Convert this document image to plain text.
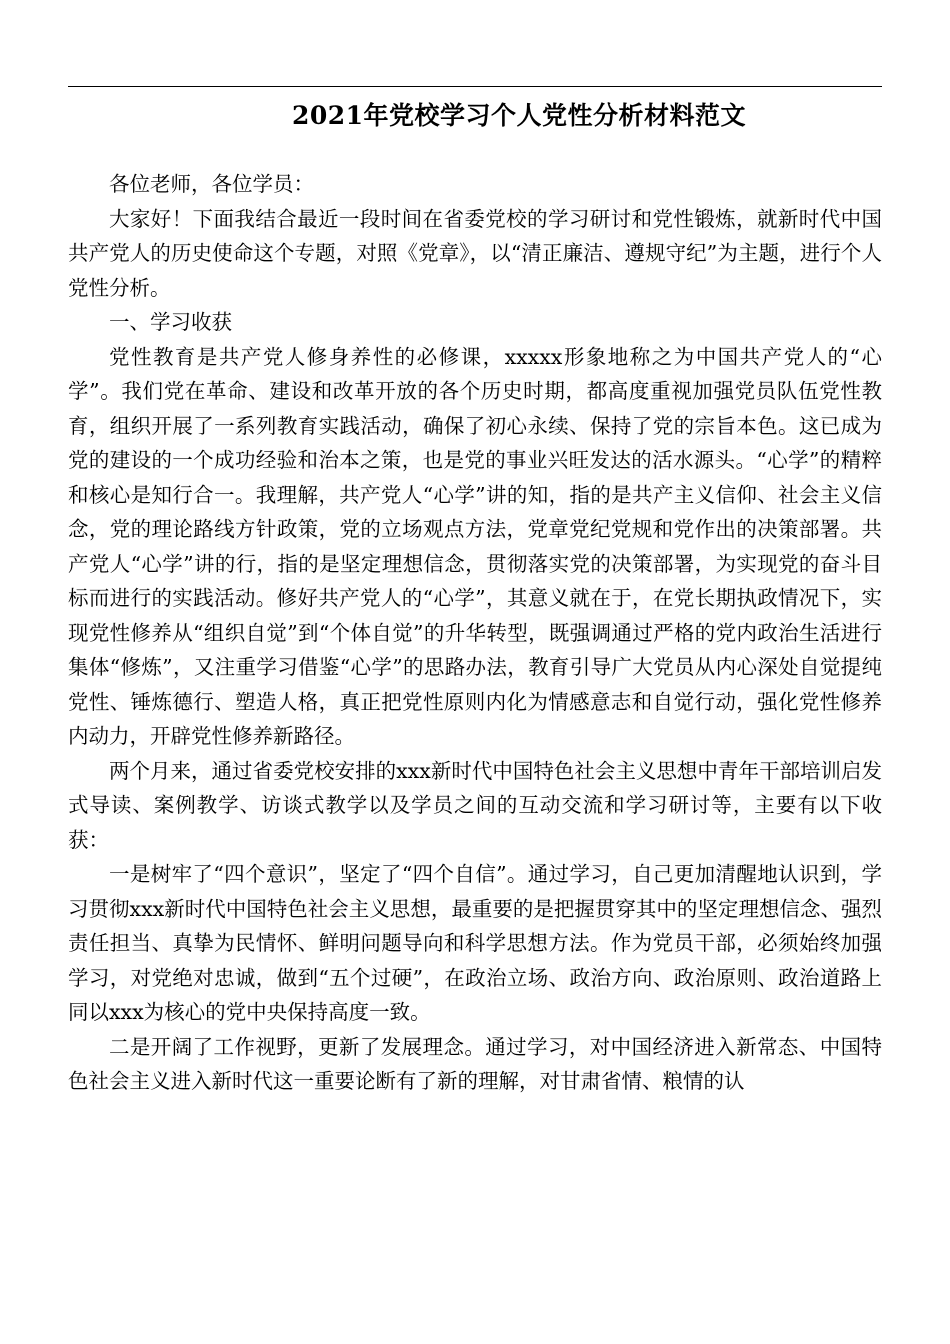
2021年党校学习个人党性分析材料范文

各位老师，各位学员：

大家好！下面我结合最近一段时间在省委党校的学习研讨和党性锻炼，就新时代中国共产党人的历史使命这个专题，对照《党章》，以“清正廉洁、遵规守纪”为主题，进行个人党性分析。

一、学习收获

党性教育是共产党人修身养性的必修课，xxxxx形象地称之为中国共产党人的“心学”。我们党在革命、建设和改革开放的各个历史时期，都高度重视加强党员队伍党性教育，组织开展了一系列教育实践活动，确保了初心永续、保持了党的宗旨本色。这已成为党的建设的一个成功经验和治本之策，也是党的事业兴旺发达的活水源头。“心学”的精粹和核心是知行合一。我理解，共产党人“心学”讲的知，指的是共产主义信仰、社会主义信念，党的理论路线方针政策，党的立场观点方法，党章党纪党规和党作出的决策部署。共产党人“心学”讲的行，指的是坚定理想信念，贯彻落实党的决策部署，为实现党的奋斗目标而进行的实践活动。修好共产党人的“心学”，其意义就在于，在党长期执政情况下，实现党性修养从“组织自觉”到“个体自觉”的升华转型，既强调通过严格的党内政治生活进行集体“修炼”，又注重学习借鉴“心学”的思路办法，教育引导广大党员从内心深处自觉提纯党性、锤炼德行、塑造人格，真正把党性原则内化为情感意志和自觉行动，强化党性修养内动力，开辟党性修养新路径。

两个月来，通过省委党校安排的xxx新时代中国特色社会主义思想中青年干部培训启发式导读、案例教学、访谈式教学以及学员之间的互动交流和学习研讨等，主要有以下收获：

一是树牢了“四个意识”，坚定了“四个自信”。通过学习，自己更加清醒地认识到，学习贯彻xxx新时代中国特色社会主义思想，最重要的是把握贯穿其中的坚定理想信念、强烈责任担当、真挚为民情怀、鲜明问题导向和科学思想方法。作为党员干部，必须始终加强学习，对党绝对忠诚，做到“五个过硬”，在政治立场、政治方向、政治原则、政治道路上同以xxx为核心的党中央保持高度一致。

二是开阔了工作视野，更新了发展理念。通过学习，对中国经济进入新常态、中国特色社会主义进入新时代这一重要论断有了新的理解，对甘肃省情、粮情的认
